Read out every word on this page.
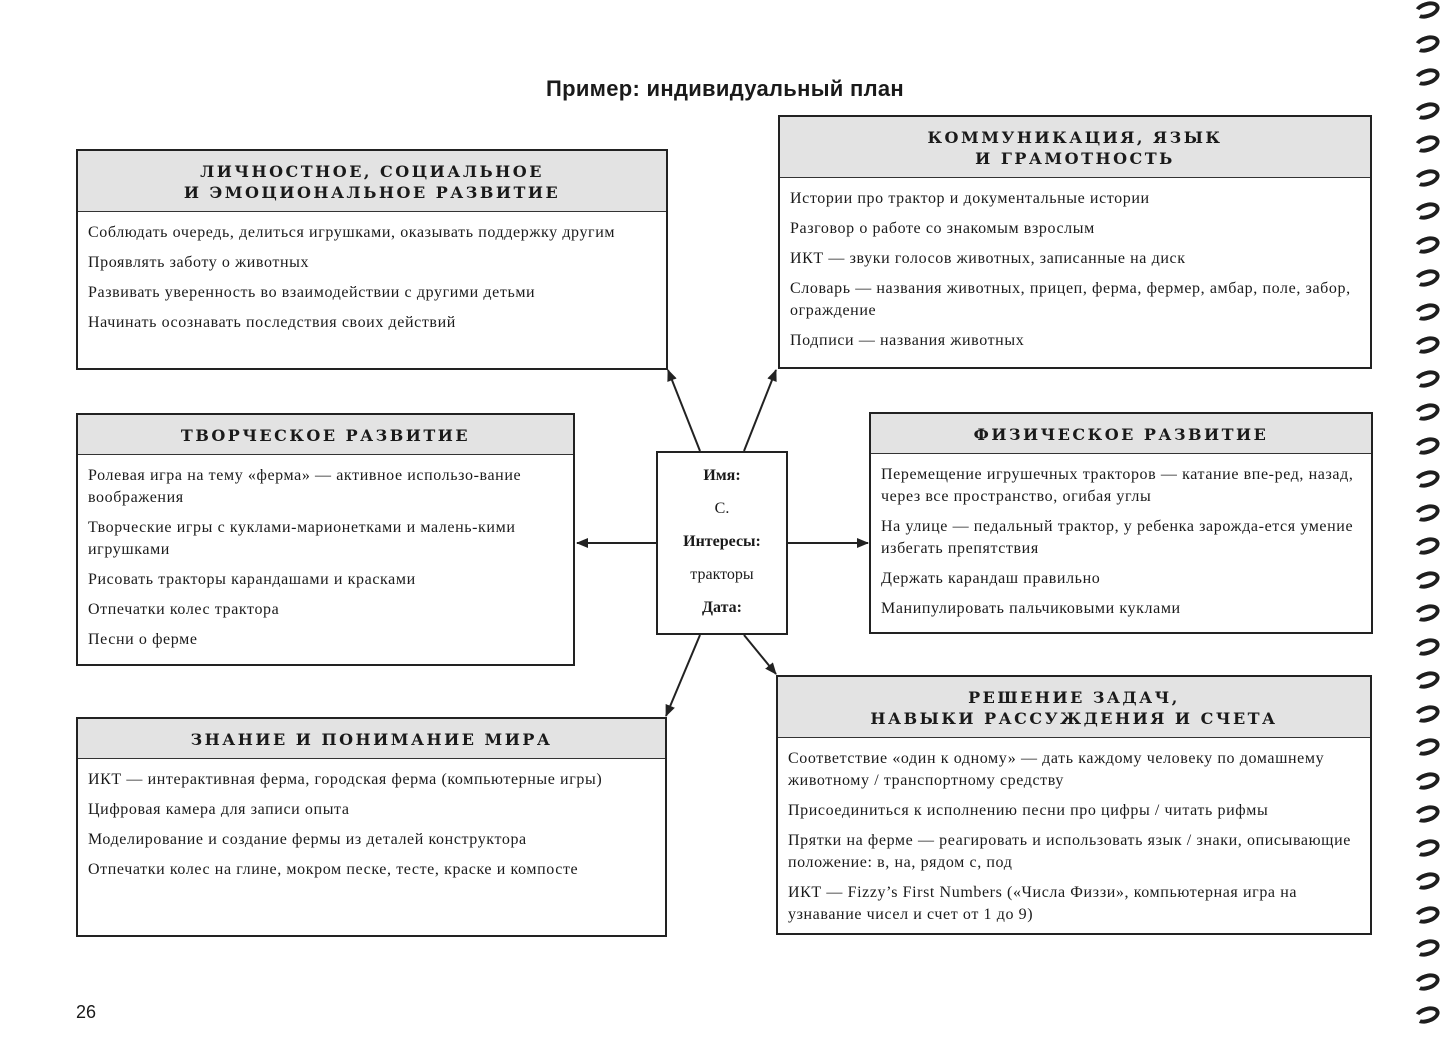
Пример: индивидуальный план
ЛИЧНОСТНОЕ, СОЦИАЛЬНОЕ
И ЭМОЦИОНАЛЬНОЕ РАЗВИТИЕ

Соблюдать очередь, делиться игрушками, оказывать поддержку другим

Проявлять заботу о животных

Развивать уверенность во взаимодействии с другими детьми

Начинать осознавать последствия своих действий

КОММУНИКАЦИЯ, ЯЗЫК
И ГРАМОТНОСТЬ

Истории про трактор и документальные истории

Разговор о работе со знакомым взрослым

ИКТ — звуки голосов животных, записанные на диск

Словарь — названия животных, прицеп, ферма, фермер, амбар, поле, забор, ограждение

Подписи — названия животных

ТВОРЧЕСКОЕ РАЗВИТИЕ

Ролевая игра на тему «ферма» — активное использо-вание воображения

Творческие игры с куклами-марионетками и малень-кими игрушками

Рисовать тракторы карандашами и красками

Отпечатки колес трактора

Песни о ферме

ФИЗИЧЕСКОЕ РАЗВИТИЕ

Перемещение игрушечных тракторов — катание впе-ред, назад, через все пространство, огибая углы

На улице — педальный трактор, у ребенка зарожда-ется умение избегать препятствия

Держать карандаш правильно

Манипулировать пальчиковыми куклами

ЗНАНИЕ И ПОНИМАНИЕ МИРА

ИКТ — интерактивная ферма, городская ферма (компьютерные игры)

Цифровая камера для записи опыта

Моделирование и создание фермы из деталей конструктора

Отпечатки колес на глине, мокром песке, тесте, краске и компосте

РЕШЕНИЕ ЗАДАЧ,
НАВЫКИ РАССУЖДЕНИЯ И СЧЕТА

Соответствие «один к одному» — дать каждому человеку по домашнему животному / транспортному средству

Присоединиться к исполнению песни про цифры / читать рифмы

Прятки на ферме — реагировать и использовать язык / знаки, описывающие положение: в, на, рядом с, под

ИКТ — Fizzy’s First Numbers («Числа Физзи», компьютерная игра на узнавание чисел и счет от 1 до 9)

Имя:
С.
Интересы:
тракторы
Дата:
26
